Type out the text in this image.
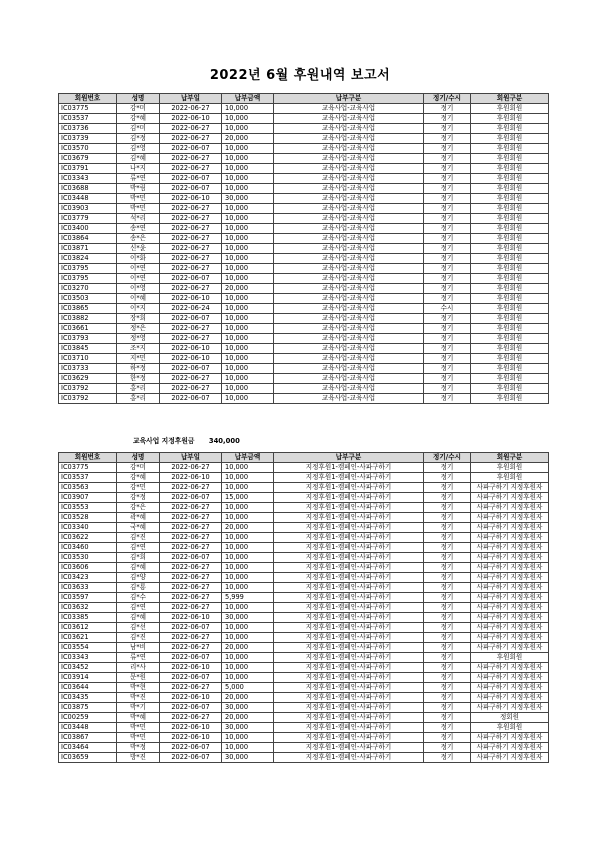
2022년 6월 후원내역 보고서
회원번호	성명	납부일	납부금액	납부구분	정기/수시	회원구분
IC03775	강*미	2022-06-27	10,000	교육사업-교육사업	정기	후원회원
IC03537	강*혜	2022-06-10	10,000	교육사업-교육사업	정기	후원회원
IC03736	김*미	2022-06-27	10,000	교육사업-교육사업	정기	후원회원
IC03739	김*정	2022-06-27	20,000	교육사업-교육사업	정기	후원회원
IC03570	김*영	2022-06-07	10,000	교육사업-교육사업	정기	후원회원
IC03679	김*혜	2022-06-27	10,000	교육사업-교육사업	정기	후원회원
IC03791	나*지	2022-06-27	10,000	교육사업-교육사업	정기	후원회원
IC03343	류*연	2022-06-07	10,000	교육사업-교육사업	정기	후원회원
IC03688	박*림	2022-06-07	10,000	교육사업-교육사업	정기	후원회원
IC03448	박*민	2022-06-10	30,000	교육사업-교육사업	정기	후원회원
IC03903	박*민	2022-06-27	10,000	교육사업-교육사업	정기	후원회원
IC03779	석*리	2022-06-27	10,000	교육사업-교육사업	정기	후원회원
IC03400	송*연	2022-06-27	10,000	교육사업-교육사업	정기	후원회원
IC03864	송*은	2022-06-27	10,000	교육사업-교육사업	정기	후원회원
IC03871	신*윤	2022-06-27	10,000	교육사업-교육사업	정기	후원회원
IC03824	이*화	2022-06-27	10,000	교육사업-교육사업	정기	후원회원
IC03795	이*연	2022-06-27	10,000	교육사업-교육사업	정기	후원회원
IC03795	이*연	2022-06-07	10,000	교육사업-교육사업	정기	후원회원
IC03270	이*영	2022-06-27	20,000	교육사업-교육사업	정기	후원회원
IC03503	이*혜	2022-06-10	10,000	교육사업-교육사업	정기	후원회원
IC03865	이*지	2022-06-24	10,000	교육사업-교육사업	수시	후원회원
IC03882	장*희	2022-06-07	10,000	교육사업-교육사업	정기	후원회원
IC03661	정*은	2022-06-27	10,000	교육사업-교육사업	정기	후원회원
IC03793	정*영	2022-06-27	10,000	교육사업-교육사업	정기	후원회원
IC03845	조*지	2022-06-10	10,000	교육사업-교육사업	정기	후원회원
IC03710	지*민	2022-06-10	10,000	교육사업-교육사업	정기	후원회원
IC03733	하*정	2022-06-07	10,000	교육사업-교육사업	정기	후원회원
IC03629	한*정	2022-06-27	10,000	교육사업-교육사업	정기	후원회원
IC03792	홍*리	2022-06-27	10,000	교육사업-교육사업	정기	후원회원
IC03792	홍*리	2022-06-07	10,000	교육사업-교육사업	정기	후원회원
교육사업 지정후원금 340,000
회원번호	성명	납부일	납부금액	납부구분	정기/수시	회원구분
IC03775	강*미	2022-06-27	10,000	지정후원1-캠페인-사파구하기	정기	후원회원
IC03537	강*혜	2022-06-10	10,000	지정후원1-캠페인-사파구하기	정기	후원회원
IC03563	강*민	2022-06-27	10,000	지정후원1-캠페인-사파구하기	정기	사파구하기 지정후원자
IC03907	강*정	2022-06-07	15,000	지정후원1-캠페인-사파구하기	정기	사파구하기 지정후원자
IC03553	강*은	2022-06-27	10,000	지정후원1-캠페인-사파구하기	정기	사파구하기 지정후원자
IC03528	곽*혜	2022-06-27	10,000	지정후원1-캠페인-사파구하기	정기	사파구하기 지정후원자
IC03340	국*혜	2022-06-27	20,000	지정후원1-캠페인-사파구하기	정기	사파구하기 지정후원자
IC03622	김*진	2022-06-27	10,000	지정후원1-캠페인-사파구하기	정기	사파구하기 지정후원자
IC03460	김*연	2022-06-27	10,000	지정후원1-캠페인-사파구하기	정기	사파구하기 지정후원자
IC03530	김*희	2022-06-07	10,000	지정후원1-캠페인-사파구하기	정기	사파구하기 지정후원자
IC03606	김*혜	2022-06-27	10,000	지정후원1-캠페인-사파구하기	정기	사파구하기 지정후원자
IC03423	김*양	2022-06-27	10,000	지정후원1-캠페인-사파구하기	정기	사파구하기 지정후원자
IC03633	김*룡	2022-06-27	10,000	지정후원1-캠페인-사파구하기	정기	사파구하기 지정후원자
IC03597	김*수	2022-06-27	5,999	지정후원1-캠페인-사파구하기	정기	사파구하기 지정후원자
IC03632	김*연	2022-06-27	10,000	지정후원1-캠페인-사파구하기	정기	사파구하기 지정후원자
IC03385	김*혜	2022-06-10	30,000	지정후원1-캠페인-사파구하기	정기	사파구하기 지정후원자
IC03612	김*선	2022-06-07	10,000	지정후원1-캠페인-사파구하기	정기	사파구하기 지정후원자
IC03621	김*진	2022-06-27	10,000	지정후원1-캠페인-사파구하기	정기	사파구하기 지정후원자
IC03554	남*비	2022-06-27	20,000	지정후원1-캠페인-사파구하기	정기	사파구하기 지정후원자
IC03343	류*연	2022-06-07	10,000	지정후원1-캠페인-사파구하기	정기	후원회원
IC03452	리*사	2022-06-10	10,000	지정후원1-캠페인-사파구하기	정기	사파구하기 지정후원자
IC03914	문*원	2022-06-07	10,000	지정후원1-캠페인-사파구하기	정기	사파구하기 지정후원자
IC03644	박*현	2022-06-27	5,000	지정후원1-캠페인-사파구하기	정기	사파구하기 지정후원자
IC03435	박*진	2022-06-10	20,000	지정후원1-캠페인-사파구하기	정기	사파구하기 지정후원자
IC03875	박*기	2022-06-07	30,000	지정후원1-캠페인-사파구하기	정기	사파구하기 지정후원자
IC00259	박*혜	2022-06-27	20,000	지정후원1-캠페인-사파구하기	정기	정회원
IC03448	박*민	2022-06-10	30,000	지정후원1-캠페인-사파구하기	정기	후원회원
IC03867	박*민	2022-06-10	10,000	지정후원1-캠페인-사파구하기	정기	사파구하기 지정후원자
IC03464	박*정	2022-06-07	10,000	지정후원1-캠페인-사파구하기	정기	사파구하기 지정후원자
IC03659	방*진	2022-06-07	30,000	지정후원1-캠페인-사파구하기	정기	사파구하기 지정후원자
